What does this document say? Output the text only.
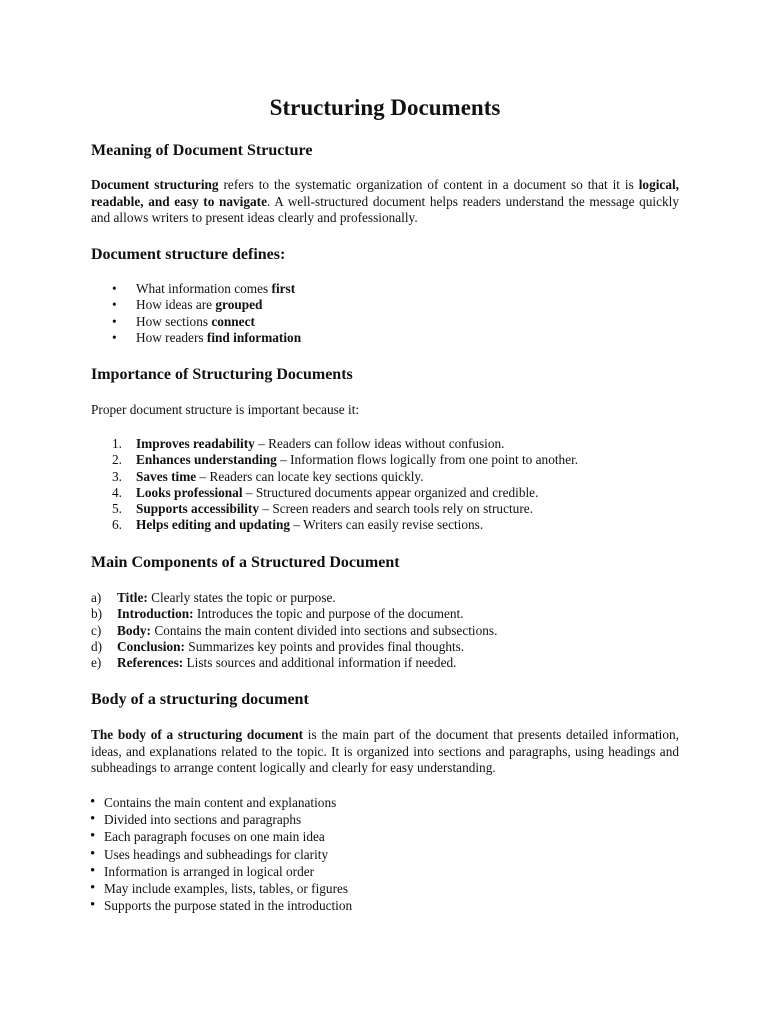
Structuring Documents
Meaning of Document Structure

Document structuring refers to the systematic organization of content in a document so that it is logical, readable, and easy to navigate. A well-structured document helps readers understand the message quickly and allows writers to present ideas clearly and professionally.

Document structure defines:
• What information comes first
• How ideas are grouped
• How sections connect
• How readers find information
Importance of Structuring Documents

Proper document structure is important because it:

1. Improves readability – Readers can follow ideas without confusion.
2. Enhances understanding – Information flows logically from one point to another.
3. Saves time – Readers can locate key sections quickly.
4. Looks professional – Structured documents appear organized and credible.
5. Supports accessibility – Screen readers and search tools rely on structure.
6. Helps editing and updating – Writers can easily revise sections.
Main Components of a Structured Document
a) Title: Clearly states the topic or purpose.
b) Introduction: Introduces the topic and purpose of the document.
c) Body: Contains the main content divided into sections and subsections.
d) Conclusion: Summarizes key points and provides final thoughts.
e) References: Lists sources and additional information if needed.
Body of a structuring document

The body of a structuring document is the main part of the document that presents detailed information, ideas, and explanations related to the topic. It is organized into sections and paragraphs, using headings and subheadings to arrange content logically and clearly for easy understanding.

• Contains the main content and explanations
• Divided into sections and paragraphs
• Each paragraph focuses on one main idea
• Uses headings and subheadings for clarity
• Information is arranged in logical order
• May include examples, lists, tables, or figures
• Supports the purpose stated in the introduction
